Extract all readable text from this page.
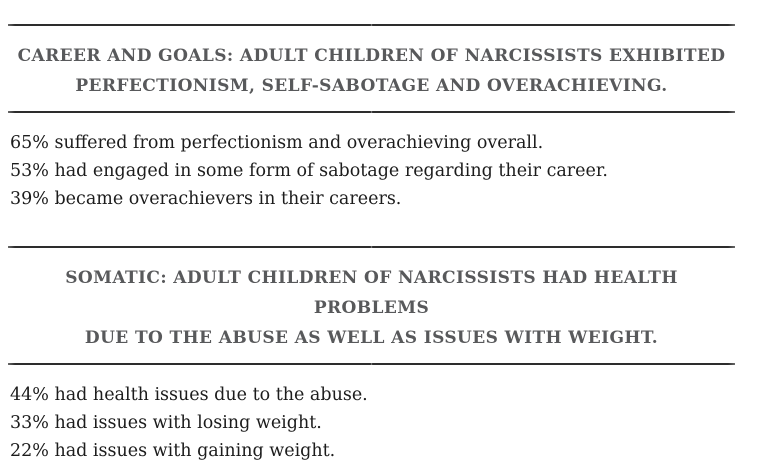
CAREER AND GOALS: ADULT CHILDREN OF NARCISSISTS EXHIBITED
PERFECTIONISM, SELF-SABOTAGE AND OVERACHIEVING.
65% suffered from perfectionism and overachieving overall.
53% had engaged in some form of sabotage regarding their career.
39% became overachievers in their careers.
SOMATIC: ADULT CHILDREN OF NARCISSISTS HAD HEALTH PROBLEMS
DUE TO THE ABUSE AS WELL AS ISSUES WITH WEIGHT.
44% had health issues due to the abuse.
33% had issues with losing weight.
22% had issues with gaining weight.
